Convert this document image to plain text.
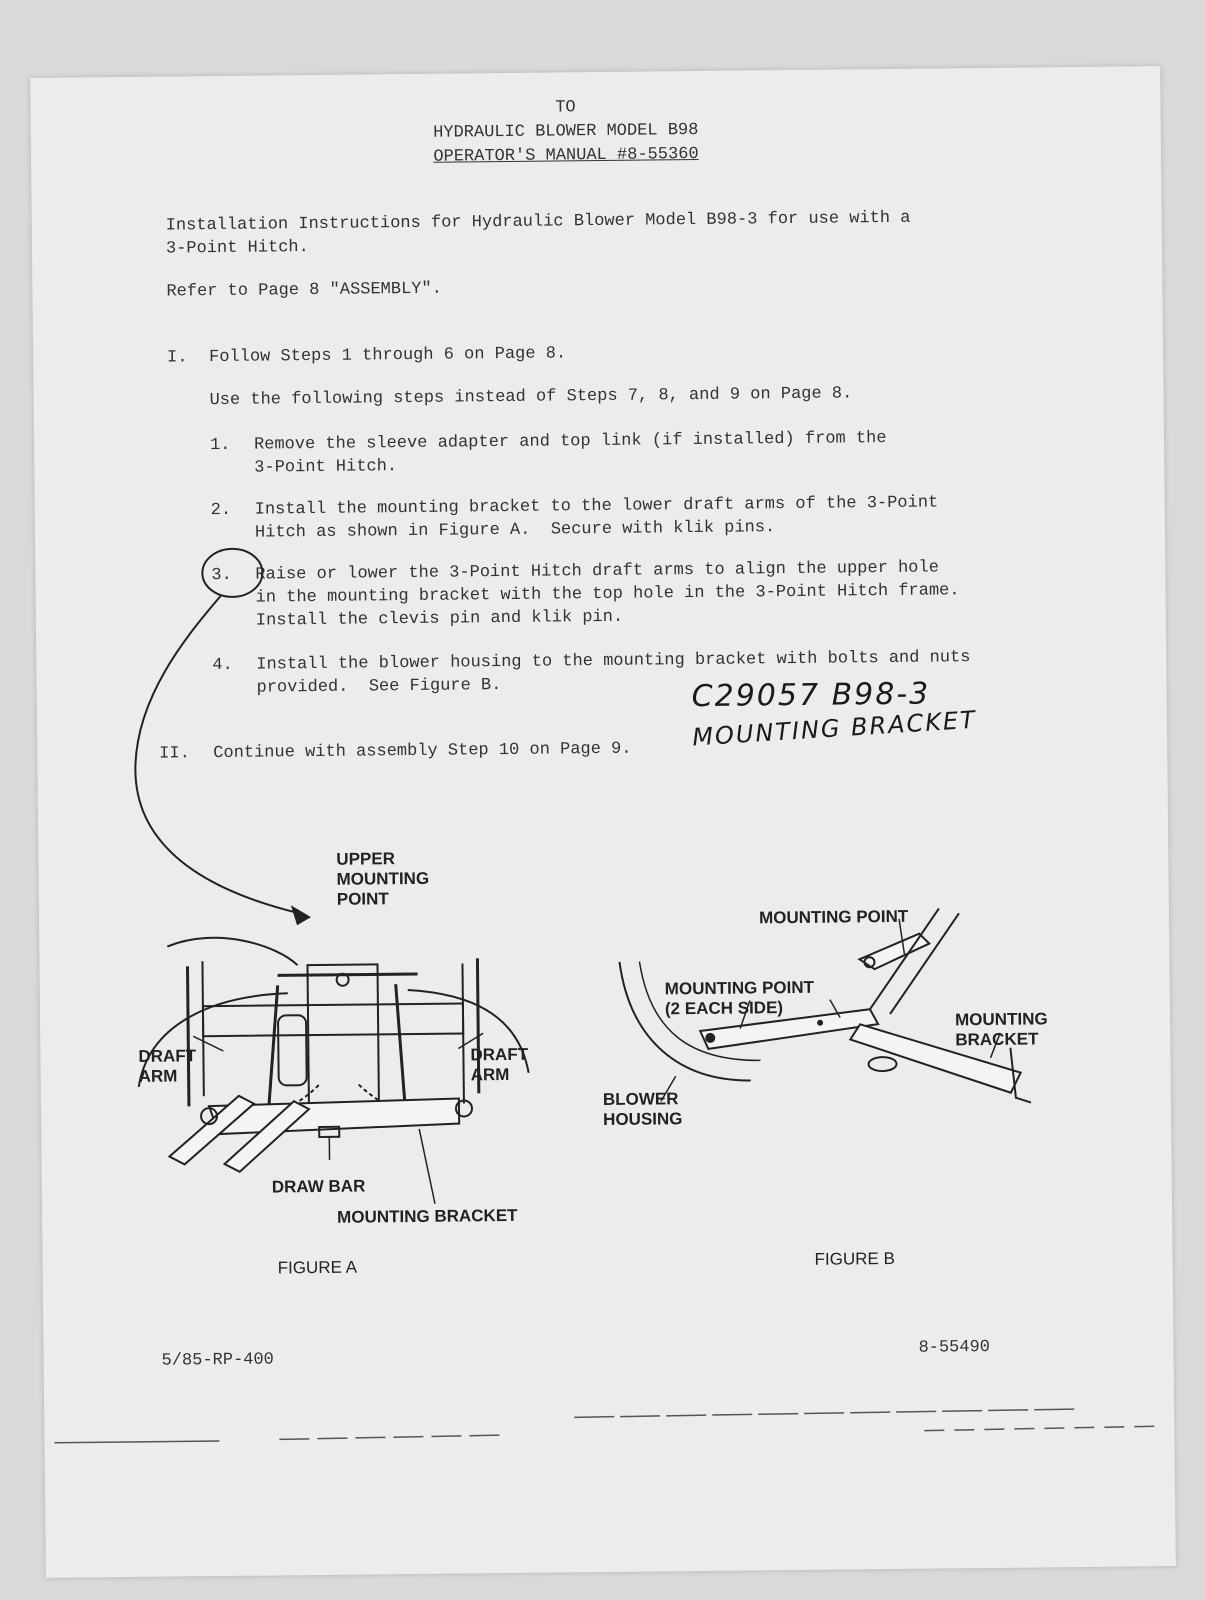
TO
HYDRAULIC BLOWER MODEL B98
OPERATOR'S MANUAL #8-55360
Installation Instructions for Hydraulic Blower Model B98-3 for use with a
3-Point Hitch.
Refer to Page 8 "ASSEMBLY".
I. Follow Steps 1 through 6 on Page 8.
Use the following steps instead of Steps 7, 8, and 9 on Page 8.
1. Remove the sleeve adapter and top link (if installed) from the
3-Point Hitch.
2. Install the mounting bracket to the lower draft arms of the 3-Point
Hitch as shown in Figure A.  Secure with klik pins.
3. Raise or lower the 3-Point Hitch draft arms to align the upper hole
in the mounting bracket with the top hole in the 3-Point Hitch frame.
Install the clevis pin and klik pin.
4. Install the blower housing to the mounting bracket with bolts and nuts
provided.  See Figure B.
II. Continue with assembly Step 10 on Page 9.
C29057 B98-3
MOUNTING BRACKET
UPPER
MOUNTING
POINT
DRAFT
ARM
DRAFT
ARM
DRAW BAR
MOUNTING BRACKET
FIGURE A
MOUNTING POINT
MOUNTING POINT
(2 EACH SIDE)
MOUNTING
BRACKET
BLOWER
HOUSING
FIGURE B
5/85-RP-400
8-55490
